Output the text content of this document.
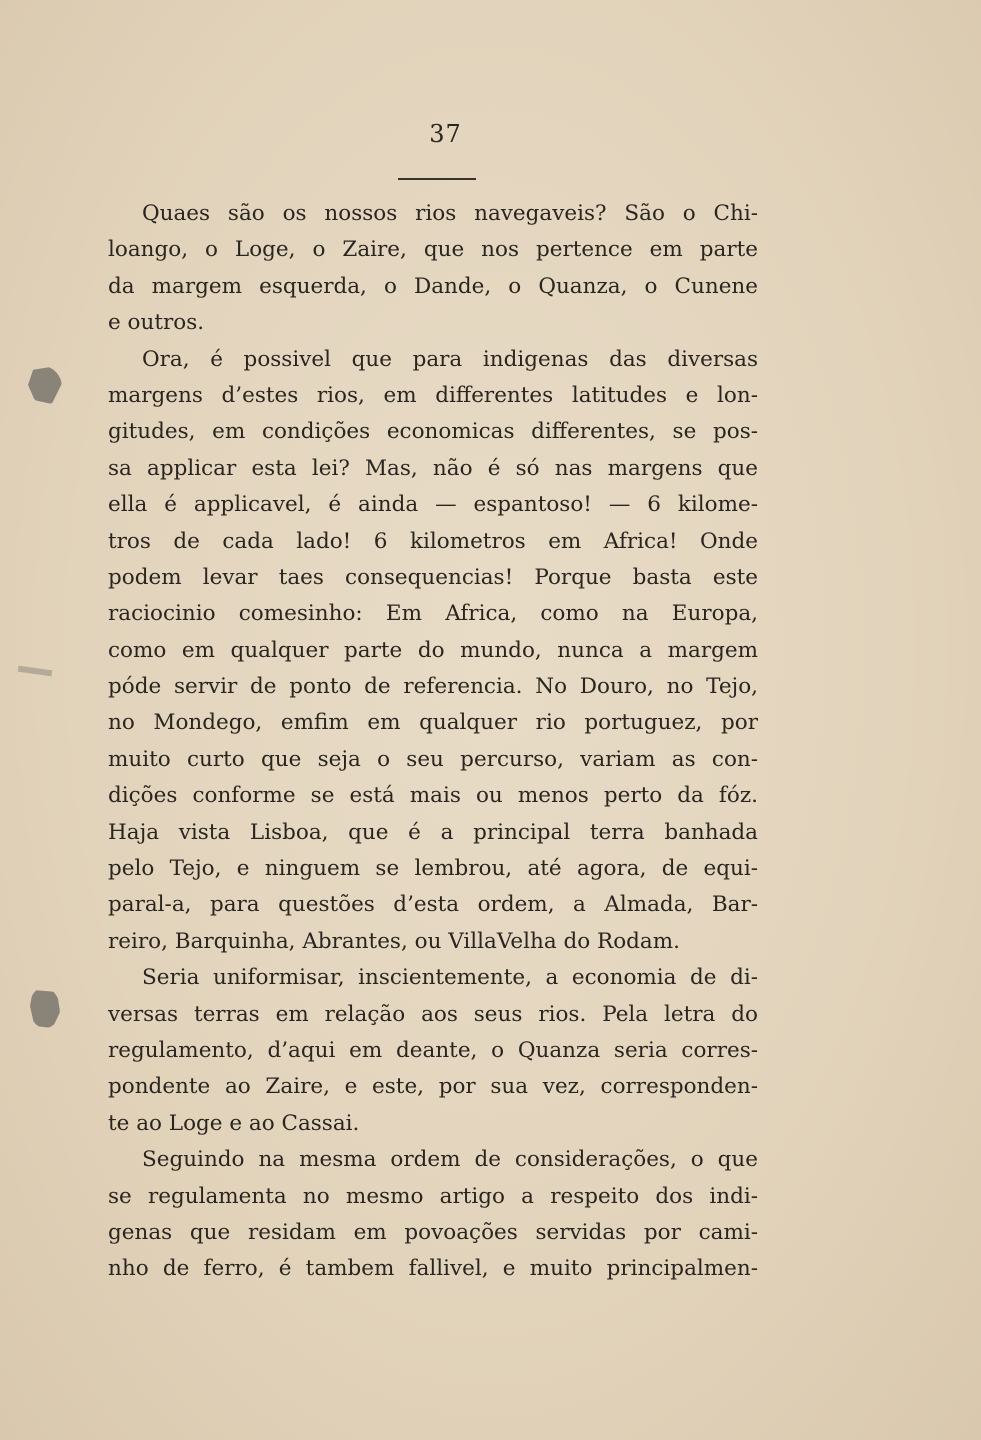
37
Quaes são os nossos rios navegaveis? São o Chi-
loango, o Loge, o Zaire, que nos pertence em parte
da margem esquerda, o Dande, o Quanza, o Cunene
e outros.
Ora, é possivel que para indigenas das diversas
margens d’estes rios, em differentes latitudes e lon-
gitudes, em condições economicas differentes, se pos-
sa applicar esta lei? Mas, não é só nas margens que
ella é applicavel, é ainda — espantoso! — 6 kilome-
tros de cada lado! 6 kilometros em Africa! Onde
podem levar taes consequencias! Porque basta este
raciocinio comesinho: Em Africa, como na Europa,
como em qualquer parte do mundo, nunca a margem
póde servir de ponto de referencia. No Douro, no Tejo,
no Mondego, emfim em qualquer rio portuguez, por
muito curto que seja o seu percurso, variam as con-
dições conforme se está mais ou menos perto da fóz.
Haja vista Lisboa, que é a principal terra banhada
pelo Tejo, e ninguem se lembrou, até agora, de equi-
paral-a, para questões d’esta ordem, a Almada, Bar-
reiro, Barquinha, Abrantes, ou VillaVelha do Rodam.
Seria uniformisar, inscientemente, a economia de di-
versas terras em relação aos seus rios. Pela letra do
regulamento, d’aqui em deante, o Quanza seria corres-
pondente ao Zaire, e este, por sua vez, corresponden-
te ao Loge e ao Cassai.
Seguindo na mesma ordem de considerações, o que
se regulamenta no mesmo artigo a respeito dos indi-
genas que residam em povoações servidas por cami-
nho de ferro, é tambem fallivel, e muito principalmen-
